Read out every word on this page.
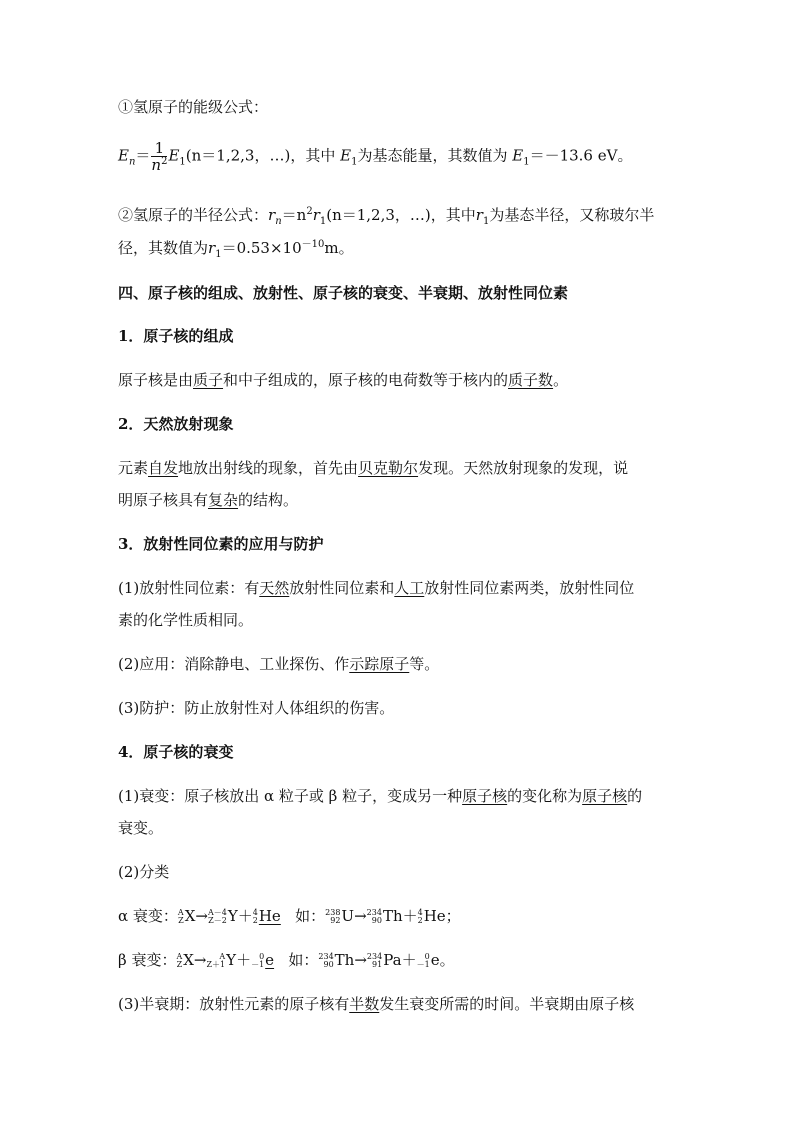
①氢原子的能级公式：
$E_n= \frac{1}{n^2} E_1(n=1,2,3$，…)，其中 $E_1$为基态能量，其数值为 $E_1=-13.6$ eV。
②氢原子的半径公式：$r_n=n^2r_1(n=1,2,3$，…)，其中$r_1$为基态半径，又称玻尔半
径，其数值为$r_1=0.53\times 10^{-10}m$。
四、原子核的组成、放射性、原子核的衰变、半衰期、放射性同位素
1．原子核的组成
原子核是由质子和中子组成的，原子核的电荷数等于核内的质子数。
2．天然放射现象
元素自发地放出射线的现象，首先由贝克勒尔发现。天然放射现象的发现，说
明原子核具有复杂的结构。
3．放射性同位素的应用与防护
(1)放射性同位素：有天然放射性同位素和人工放射性同位素两类，放射性同位
素的化学性质相同。
(2)应用：消除静电、工业探伤、作示踪原子等。
(3)防护：防止放射性对人体组织的伤害。
4．原子核的衰变
(1)衰变：原子核放出 α 粒子或 β 粒子，变成另一种原子核的变化称为原子核的
衰变。
(2)分类
α 衰变： A
Z X→ A－4
Z－2 Y＋ 4
2 He 如： 238
92 U→ 234
90 Th＋ 4
2 He；
β 衰变： A
Z X→	A
Z＋1 Y＋	0
－1 e 如： 234
90 Th→ 234
91 Pa＋	0
－1 e。
(3)半衰期：放射性元素的原子核有半数发生衰变所需的时间。半衰期由原子核
